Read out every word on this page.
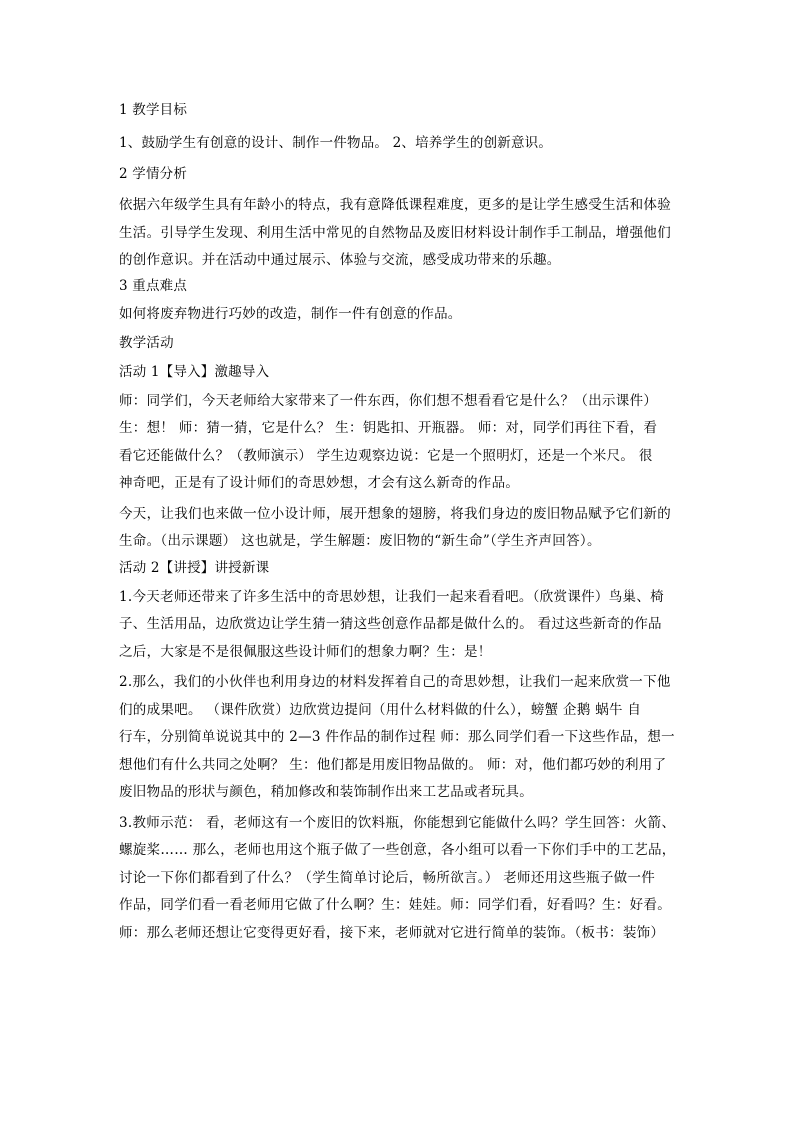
1 教学目标
1、鼓励学生有创意的设计、制作一件物品。 2、培养学生的创新意识。
2 学情分析
依据六年级学生具有年龄小的特点，我有意降低课程难度，更多的是让学生感受生活和体验
生活。引导学生发现、利用生活中常见的自然物品及废旧材料设计制作手工制品，增强他们
的创作意识。并在活动中通过展示、体验与交流，感受成功带来的乐趣。
3 重点难点
如何将废弃物进行巧妙的改造，制作一件有创意的作品。
教学活动
活动 1【导入】激趣导入
师：同学们，今天老师给大家带来了一件东西，你们想不想看看它是什么？（出示课件）
生：想！ 师：猜一猜，它是什么？ 生：钥匙扣、开瓶器。 师：对，同学们再往下看，看
看它还能做什么？（教师演示） 学生边观察边说：它是一个照明灯，还是一个米尺。 很
神奇吧，正是有了设计师们的奇思妙想，才会有这么新奇的作品。
今天，让我们也来做一位小设计师，展开想象的翅膀，将我们身边的废旧物品赋予它们新的
生命。（出示课题） 这也就是，学生解题：废旧物的“新生命”（学生齐声回答）。
活动 2【讲授】讲授新课
1.今天老师还带来了许多生活中的奇思妙想，让我们一起来看看吧。（欣赏课件）鸟巢、椅
子、生活用品，边欣赏边让学生猜一猜这些创意作品都是做什么的。 看过这些新奇的作品
之后，大家是不是很佩服这些设计师们的想象力啊？生：是！
2.那么，我们的小伙伴也利用身边的材料发挥着自己的奇思妙想，让我们一起来欣赏一下他
们的成果吧。 （课件欣赏）边欣赏边提问（用什么材料做的什么），螃蟹 企鹅 蜗牛 自
行车，分别简单说说其中的 2—3 件作品的制作过程 师：那么同学们看一下这些作品，想一
想他们有什么共同之处啊？ 生：他们都是用废旧物品做的。 师：对，他们都巧妙的利用了
废旧物品的形状与颜色，稍加修改和装饰制作出来工艺品或者玩具。
3.教师示范： 看，老师这有一个废旧的饮料瓶，你能想到它能做什么吗？学生回答：火箭、
螺旋桨…… 那么，老师也用这个瓶子做了一些创意，各小组可以看一下你们手中的工艺品，
讨论一下你们都看到了什么？（学生简单讨论后，畅所欲言。） 老师还用这些瓶子做一件
作品，同学们看一看老师用它做了什么啊？生：娃娃。师：同学们看，好看吗？生：好看。
师：那么老师还想让它变得更好看，接下来，老师就对它进行简单的装饰。（板书：装饰）
